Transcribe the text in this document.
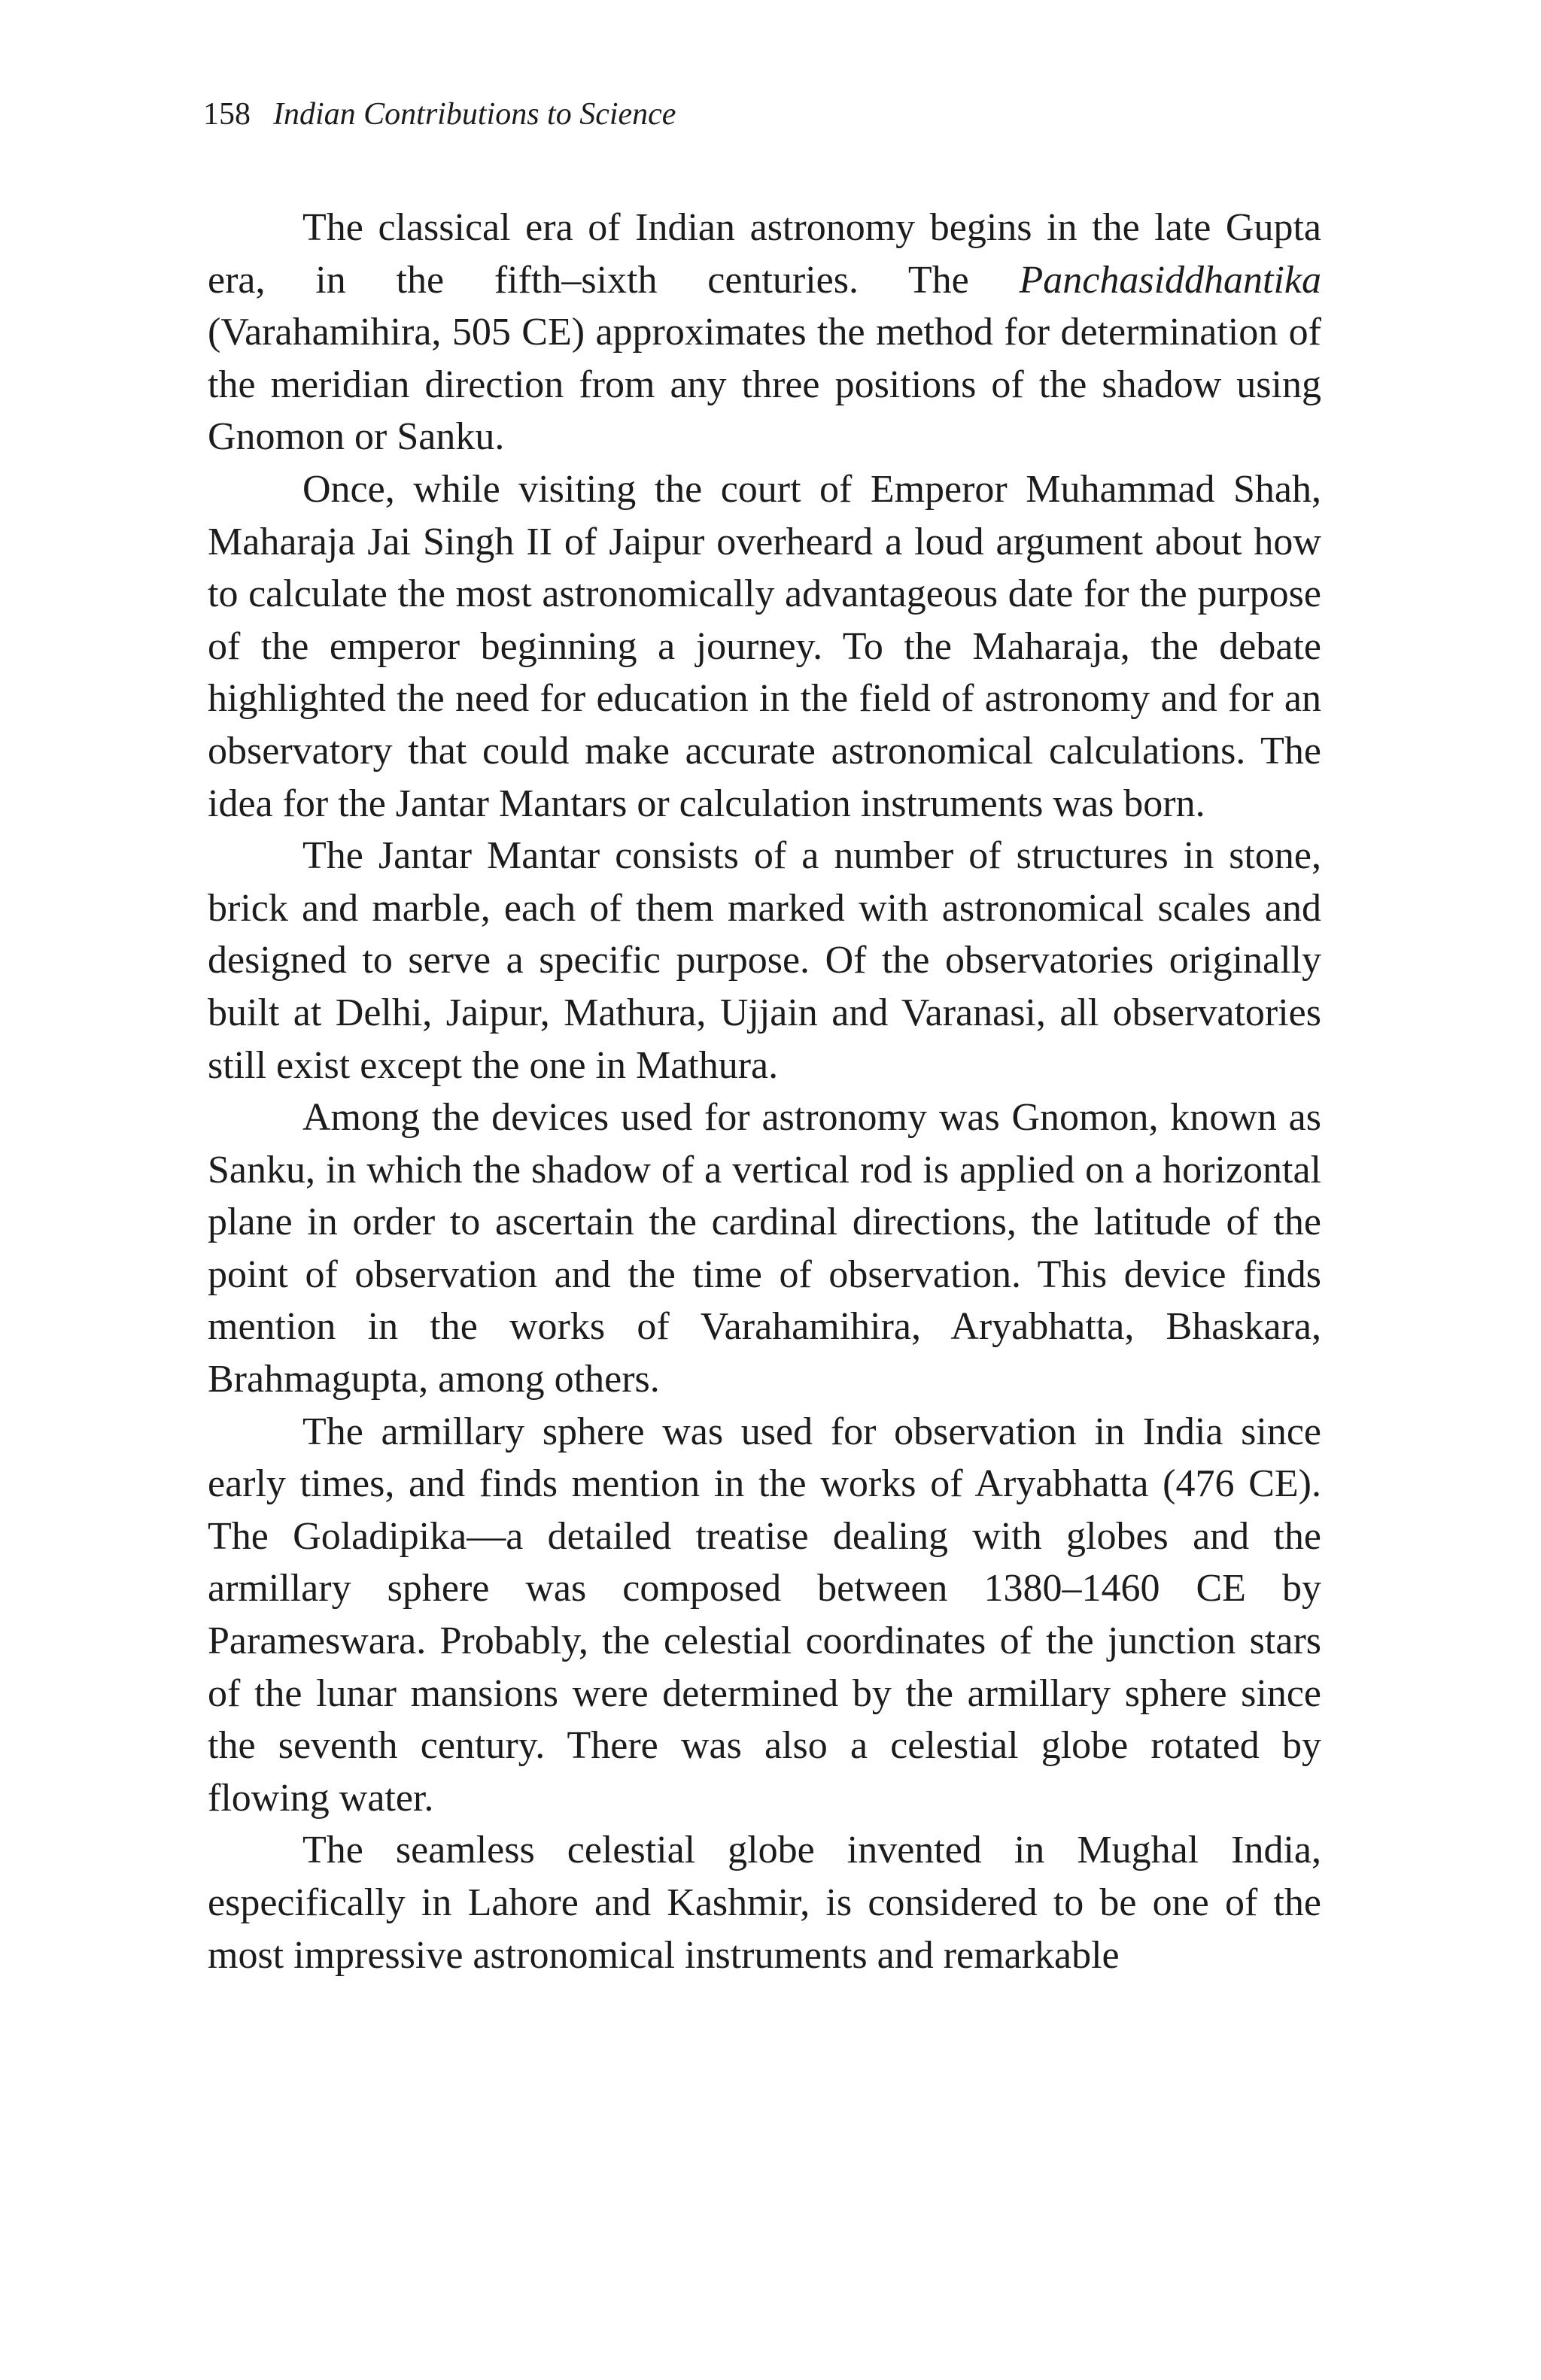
158 Indian Contributions to Science

The classical era of Indian astronomy begins in the late Gupta era, in the fifth–sixth centuries. The Panchasiddhantika (Varahamihira, 505 CE) approximates the method for determination of the meridian direction from any three positions of the shadow using Gnomon or Sanku.

Once, while visiting the court of Emperor Muhammad Shah, Maharaja Jai Singh II of Jaipur overheard a loud argument about how to calculate the most astronomically advantageous date for the purpose of the emperor beginning a journey. To the Maharaja, the debate highlighted the need for education in the field of astronomy and for an observatory that could make accurate astronomical calculations. The idea for the Jantar Mantars or calculation instruments was born.

The Jantar Mantar consists of a number of structures in stone, brick and marble, each of them marked with astronomical scales and designed to serve a specific purpose. Of the observatories originally built at Delhi, Jaipur, Mathura, Ujjain and Varanasi, all observatories still exist except the one in Mathura.

Among the devices used for astronomy was Gnomon, known as Sanku, in which the shadow of a vertical rod is applied on a horizontal plane in order to ascertain the cardinal directions, the latitude of the point of observation and the time of observation. This device finds mention in the works of Varahamihira, Aryabhatta, Bhaskara, Brahmagupta, among others.

The armillary sphere was used for observation in India since early times, and finds mention in the works of Aryabhatta (476 CE). The Goladipika—a detailed treatise dealing with globes and the armillary sphere was composed between 1380–1460 CE by Parameswara. Probably, the celestial coordinates of the junction stars of the lunar mansions were determined by the armillary sphere since the seventh century. There was also a celestial globe rotated by flowing water.

The seamless celestial globe invented in Mughal India, especifically in Lahore and Kashmir, is considered to be one of the most impressive astronomical instruments and remarkable
